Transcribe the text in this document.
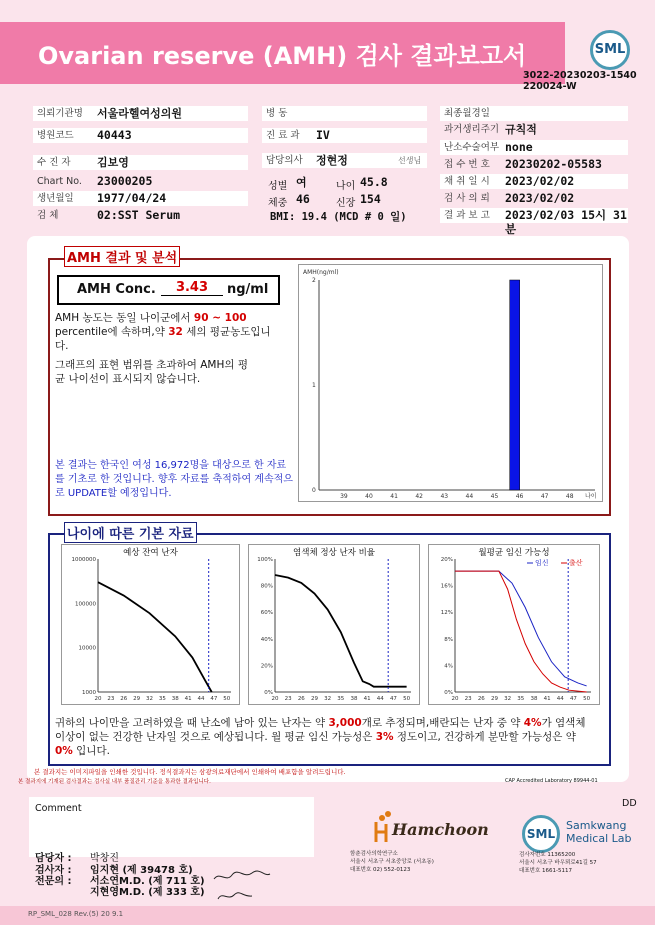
Ovarian reserve (AMH) 검사 결과보고서	SML
3022-20230203-1540
220024-W
의뢰기관명	서울라헬여성의원
병원코드	40443
수 진 자	김보영
Chart No.	23000205
생년월일	1977/04/24
검 체	02:SST Serum
병 동
진 료 과	IV
담당의사	정현정	선생님
성별 여	나이 45.8
체중 46	신장 154
BMI: 19.4 (MCD # 0 일)
최종월경일
과거생리주기 규칙적
난소수술여부 none
접 수 번 호	20230202-05583
채 취 일 시	2023/02/02
검 사 의 뢰	2023/02/02
결 과 보 고	2023/02/03 15시 31분
AMH 결과 및 분석
AMH Conc.	3.43	ng/ml
AMH 농도는 동일 나이군에서 90 ~ 100 percentile에 속하며,약 32 세의 평균농도입니다.
그래프의 표현 범위를 초과하여 AMH의 평균 나이선이 표시되지 않습니다.
본 결과는 한국인 여성 16,972명을 대상으로 한 자료를 기초로 한 것입니다. 향후 자료를 축적하여 계속적으로 UPDATE할 예정입니다.
AMH(ng/ml)
나이
0
1
2
39	40	41	42	43	44	45	46	47	48
나이에 따른 기본 자료
예상 잔여 난자
1000000
100000
10000
1000
20 23 26 29 32 35 38 41 44 47 50
염색체 정상 난자 비율
100%
80%
60%
40%
20%
0%
20 23 26 29 32 35 38 41 44 47 50
월평균 임신 가능성
20%
16%
12%
8%
4%
0%
20 23 26 29 32 35 38 41 44 47 50
임신	출산
귀하의 나이만을 고려하였을 때 난소에 남아 있는 난자는 약 3,000개로 추정되며,배란되는 난자 중 약 4%가 염색체 이상이 없는 건강한 난자일 것으로 예상됩니다. 월 평균 임신 가능성은 3% 정도이고, 건강하게 분만할 가능성은 약 0% 입니다.
본 결과지는 이미지파일을 인쇄한 것입니다. 정식결과지는 삼광의료재단에서 인쇄하여 배포함을 알려드립니다.
본 결과지에 기재된 검사결과는 검사실 내부 품질관리 기준을 통과한 결과입니다.	CAP Accredited Laboratory 89944-01
Comment	DD
담당자 : 박창진
검사자 : 임지현 (제 39478 호)
전문의 : 서소연M.D. (제 711 호)
지현영M.D. (제 333 호)
Hamchoon
함춘검사의학연구소
서울시 서초구 서초중앙로 (서초동)
대표번호 02) 552-0123
SML
Samkwang
Medical Lab
검사자번호 11365200
서울시 서초구 바우뫼로41길 57
대표번호 1661-5117
RP_SML_028 Rev.(5) 20 9.1
